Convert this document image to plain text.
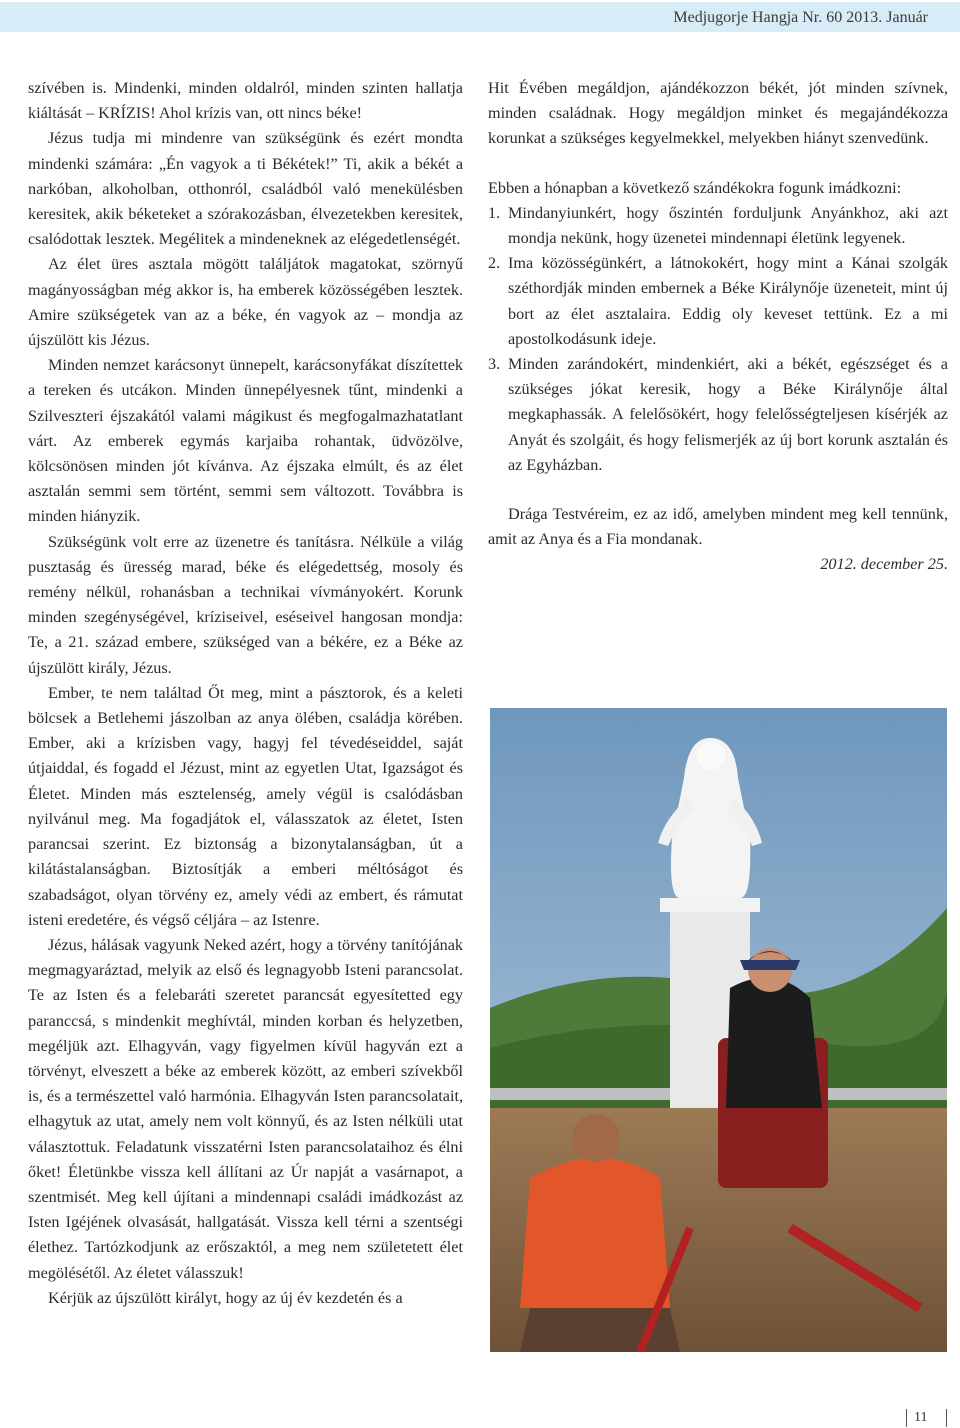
Medjugorje Hangja Nr. 60 2013. Január

szívében is. Mindenki, minden oldalról, minden szinten hallatja kiáltását – KRÍZIS! Ahol krízis van, ott nincs béke!

Jézus tudja mi mindenre van szükségünk és ezért mondta mindenki számára: „Én vagyok a ti Békétek!” Ti, akik a békét a narkóban, alkoholban, otthonról, családból való menekülésben keresitek, akik béketeket a szórakozásban, élvezetekben keresitek, csalódottak lesztek. Megélitek a mindeneknek az elégedetlenségét.

Az élet üres asztala mögött találjátok magatokat, szörnyű magányosságban még akkor is, ha emberek közösségében lesztek. Amire szükségetek van az a béke, én vagyok az – mondja az újszülött kis Jézus.

Minden nemzet karácsonyt ünnepelt, karácsonyfákat díszítettek a tereken és utcákon. Minden ünnepélyesnek tűnt, mindenki a Szilveszteri éjszakától valami mágikust és megfogalmazhatatlant várt. Az emberek egymás karjaiba rohantak, üdvözölve, kölcsönösen minden jót kívánva. Az éjszaka elmúlt, és az élet asztalán semmi sem történt, semmi sem változott. Továbbra is minden hiányzik.

Szükségünk volt erre az üzenetre és tanításra. Nélküle a világ pusztaság és üresség marad, béke és elégedettség, mosoly és remény nélkül, rohanásban a technikai vívmányokért. Korunk minden szegénységével, kríziseivel, eséseivel hangosan mondja: Te, a 21. század embere, szükséged van a békére, ez a Béke az újszülött király, Jézus.

Ember, te nem találtad Őt meg, mint a pásztorok, és a keleti bölcsek a Betlehemi jászolban az anya ölében, családja körében. Ember, aki a krízisben vagy, hagyj fel tévedéseiddel, saját útjaiddal, és fogadd el Jézust, mint az egyetlen Utat, Igazságot és Életet. Minden más esztelenség, amely végül is csalódásban nyilvánul meg. Ma fogadjátok el, válasszatok az életet, Isten parancsai szerint. Ez biztonság a bizonytalanságban, út a kilátástalanságban. Biztosítják a emberi méltóságot és szabadságot, olyan törvény ez, amely védi az embert, és rámutat isteni eredetére, és végső céljára – az Istenre.

Jézus, hálásak vagyunk Neked azért, hogy a törvény tanítójának megmagyaráztad, melyik az első és legnagyobb Isteni parancsolat. Te az Isten és a felebaráti szeretet parancsát egyesítetted egy paranccsá, s mindenkit meghívtál, minden korban és helyzetben, megéljük azt. Elhagyván, vagy figyelmen kívül hagyván ezt a törvényt, elveszett a béke az emberek között, az emberi szívekből is, és a természettel való harmónia. Elhagyván Isten parancsolatait, elhagytuk az utat, amely nem volt könnyű, és az Isten nélküli utat választottuk. Feladatunk visszatérni Isten parancsolataihoz és élni őket! Életünkbe vissza kell állítani az Úr napját a vasárnapot, a szentmisét. Meg kell újítani a mindennapi családi imádkozást az Isten Igéjének olvasását, hallgatását. Vissza kell térni a szentségi élethez. Tartózkodjunk az erőszaktól, a meg nem születetett élet megölésétől. Az életet válasszuk!

Kérjük az újszülött királyt, hogy az új év kezdetén és a

Hit Évében megáldjon, ajándékozzon békét, jót minden szívnek, minden családnak. Hogy megáldjon minket és megajándékozza korunkat a szükséges kegyelmekkel, melyekben hiányt szenvedünk.

Ebben a hónapban a következő szándékokra fogunk imádkozni:

1. Mindanyiunkért, hogy őszintén forduljunk Anyánkhoz, aki azt mondja nekünk, hogy üzenetei mindennapi életünk legyenek.
2. Ima közösségünkért, a látnokokért, hogy mint a Kánai szolgák széthordják minden embernek a Béke Királynője üzeneteit, mint új bort az élet asztalaira. Eddig oly keveset tettünk. Ez a mi apostolkodásunk ideje.
3. Minden zarándokért, mindenkiért, aki a békét, egészséget és a szükséges jókat keresik, hogy a Béke Királynője által megkaphassák. A felelősökért, hogy felelősségteljesen kísérjék az Anyát és szolgáit, és hogy felismerjék az új bort korunk asztalán és az Egyházban.

Drága Testvéreim, ez az idő, amelyben mindent meg kell tennünk, amit az Anya és a Fia mondanak.

2012. december 25.

11
